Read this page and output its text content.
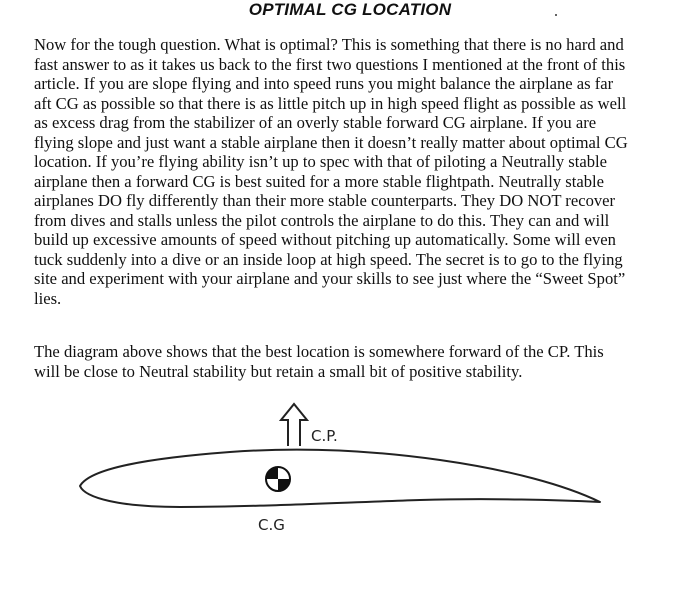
OPTIMAL CG LOCATION
Now for the tough question. What is optimal? This is something that there is no hard and
fast answer to as it takes us back to the first two questions I mentioned at the front of this
article. If you are slope flying and into speed runs you might balance the airplane as far
aft CG as possible so that there is as little pitch up in high speed flight as possible as well
as excess drag from the stabilizer of an overly stable forward CG airplane. If you are
flying slope and just want a stable airplane then it doesn’t really matter about optimal CG
location. If you’re flying ability isn’t up to spec with that of piloting a Neutrally stable
airplane then a forward CG is best suited for a more stable flightpath. Neutrally stable
airplanes DO fly differently than their more stable counterparts. They DO NOT recover
from dives and stalls unless the pilot controls the airplane to do this. They can and will
build up excessive amounts of speed without pitching up automatically. Some will even
tuck suddenly into a dive or an inside loop at high speed. The secret is to go to the flying
site and experiment with your airplane and your skills to see just where the “Sweet Spot”
lies.
The diagram above shows that the best location is somewhere forward of the CP. This
will be close to Neutral stability but retain a small bit of positive stability.
C.P.
C.G
